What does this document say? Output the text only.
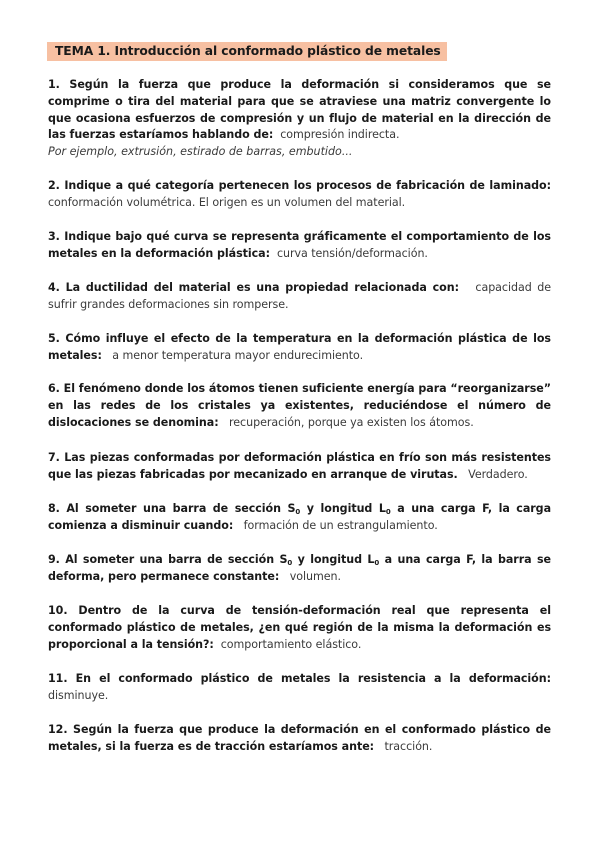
TEMA 1. Introducción al conformado plástico de metales

1. Según la fuerza que produce la deformación si consideramos que se comprime o tira del material para que se atraviese una matriz convergente lo que ocasiona esfuerzos de compresión y un flujo de material en la dirección de las fuerzas estaríamos hablando de: compresión indirecta.

Por ejemplo, extrusión, estirado de barras, embutido...

2. Indique a qué categoría pertenecen los procesos de fabricación de laminado: conformación volumétrica. El origen es un volumen del material.

3. Indique bajo qué curva se representa gráficamente el comportamiento de los metales en la deformación plástica: curva tensión/deformación.

4. La ductilidad del material es una propiedad relacionada con: capacidad de sufrir grandes deformaciones sin romperse.

5. Cómo influye el efecto de la temperatura en la deformación plástica de los metales: a menor temperatura mayor endurecimiento.

6. El fenómeno donde los átomos tienen suficiente energía para “reorganizarse” en las redes de los cristales ya existentes, reduciéndose el número de dislocaciones se denomina: recuperación, porque ya existen los átomos.

7. Las piezas conformadas por deformación plástica en frío son más resistentes que las piezas fabricadas por mecanizado en arranque de virutas. Verdadero.

8. Al someter una barra de sección $S_0$ y longitud $L_0$ a una carga F, la carga comienza a disminuir cuando: formación de un estrangulamiento.

9. Al someter una barra de sección $S_0$ y longitud $L_0$ a una carga F, la barra se deforma, pero permanece constante: volumen.

10. Dentro de la curva de tensión-deformación real que representa el conformado plástico de metales, ¿en qué región de la misma la deformación es proporcional a la tensión?: comportamiento elástico.

11. En el conformado plástico de metales la resistencia a la deformación: disminuye.

12. Según la fuerza que produce la deformación en el conformado plástico de metales, si la fuerza es de tracción estaríamos ante: tracción.
